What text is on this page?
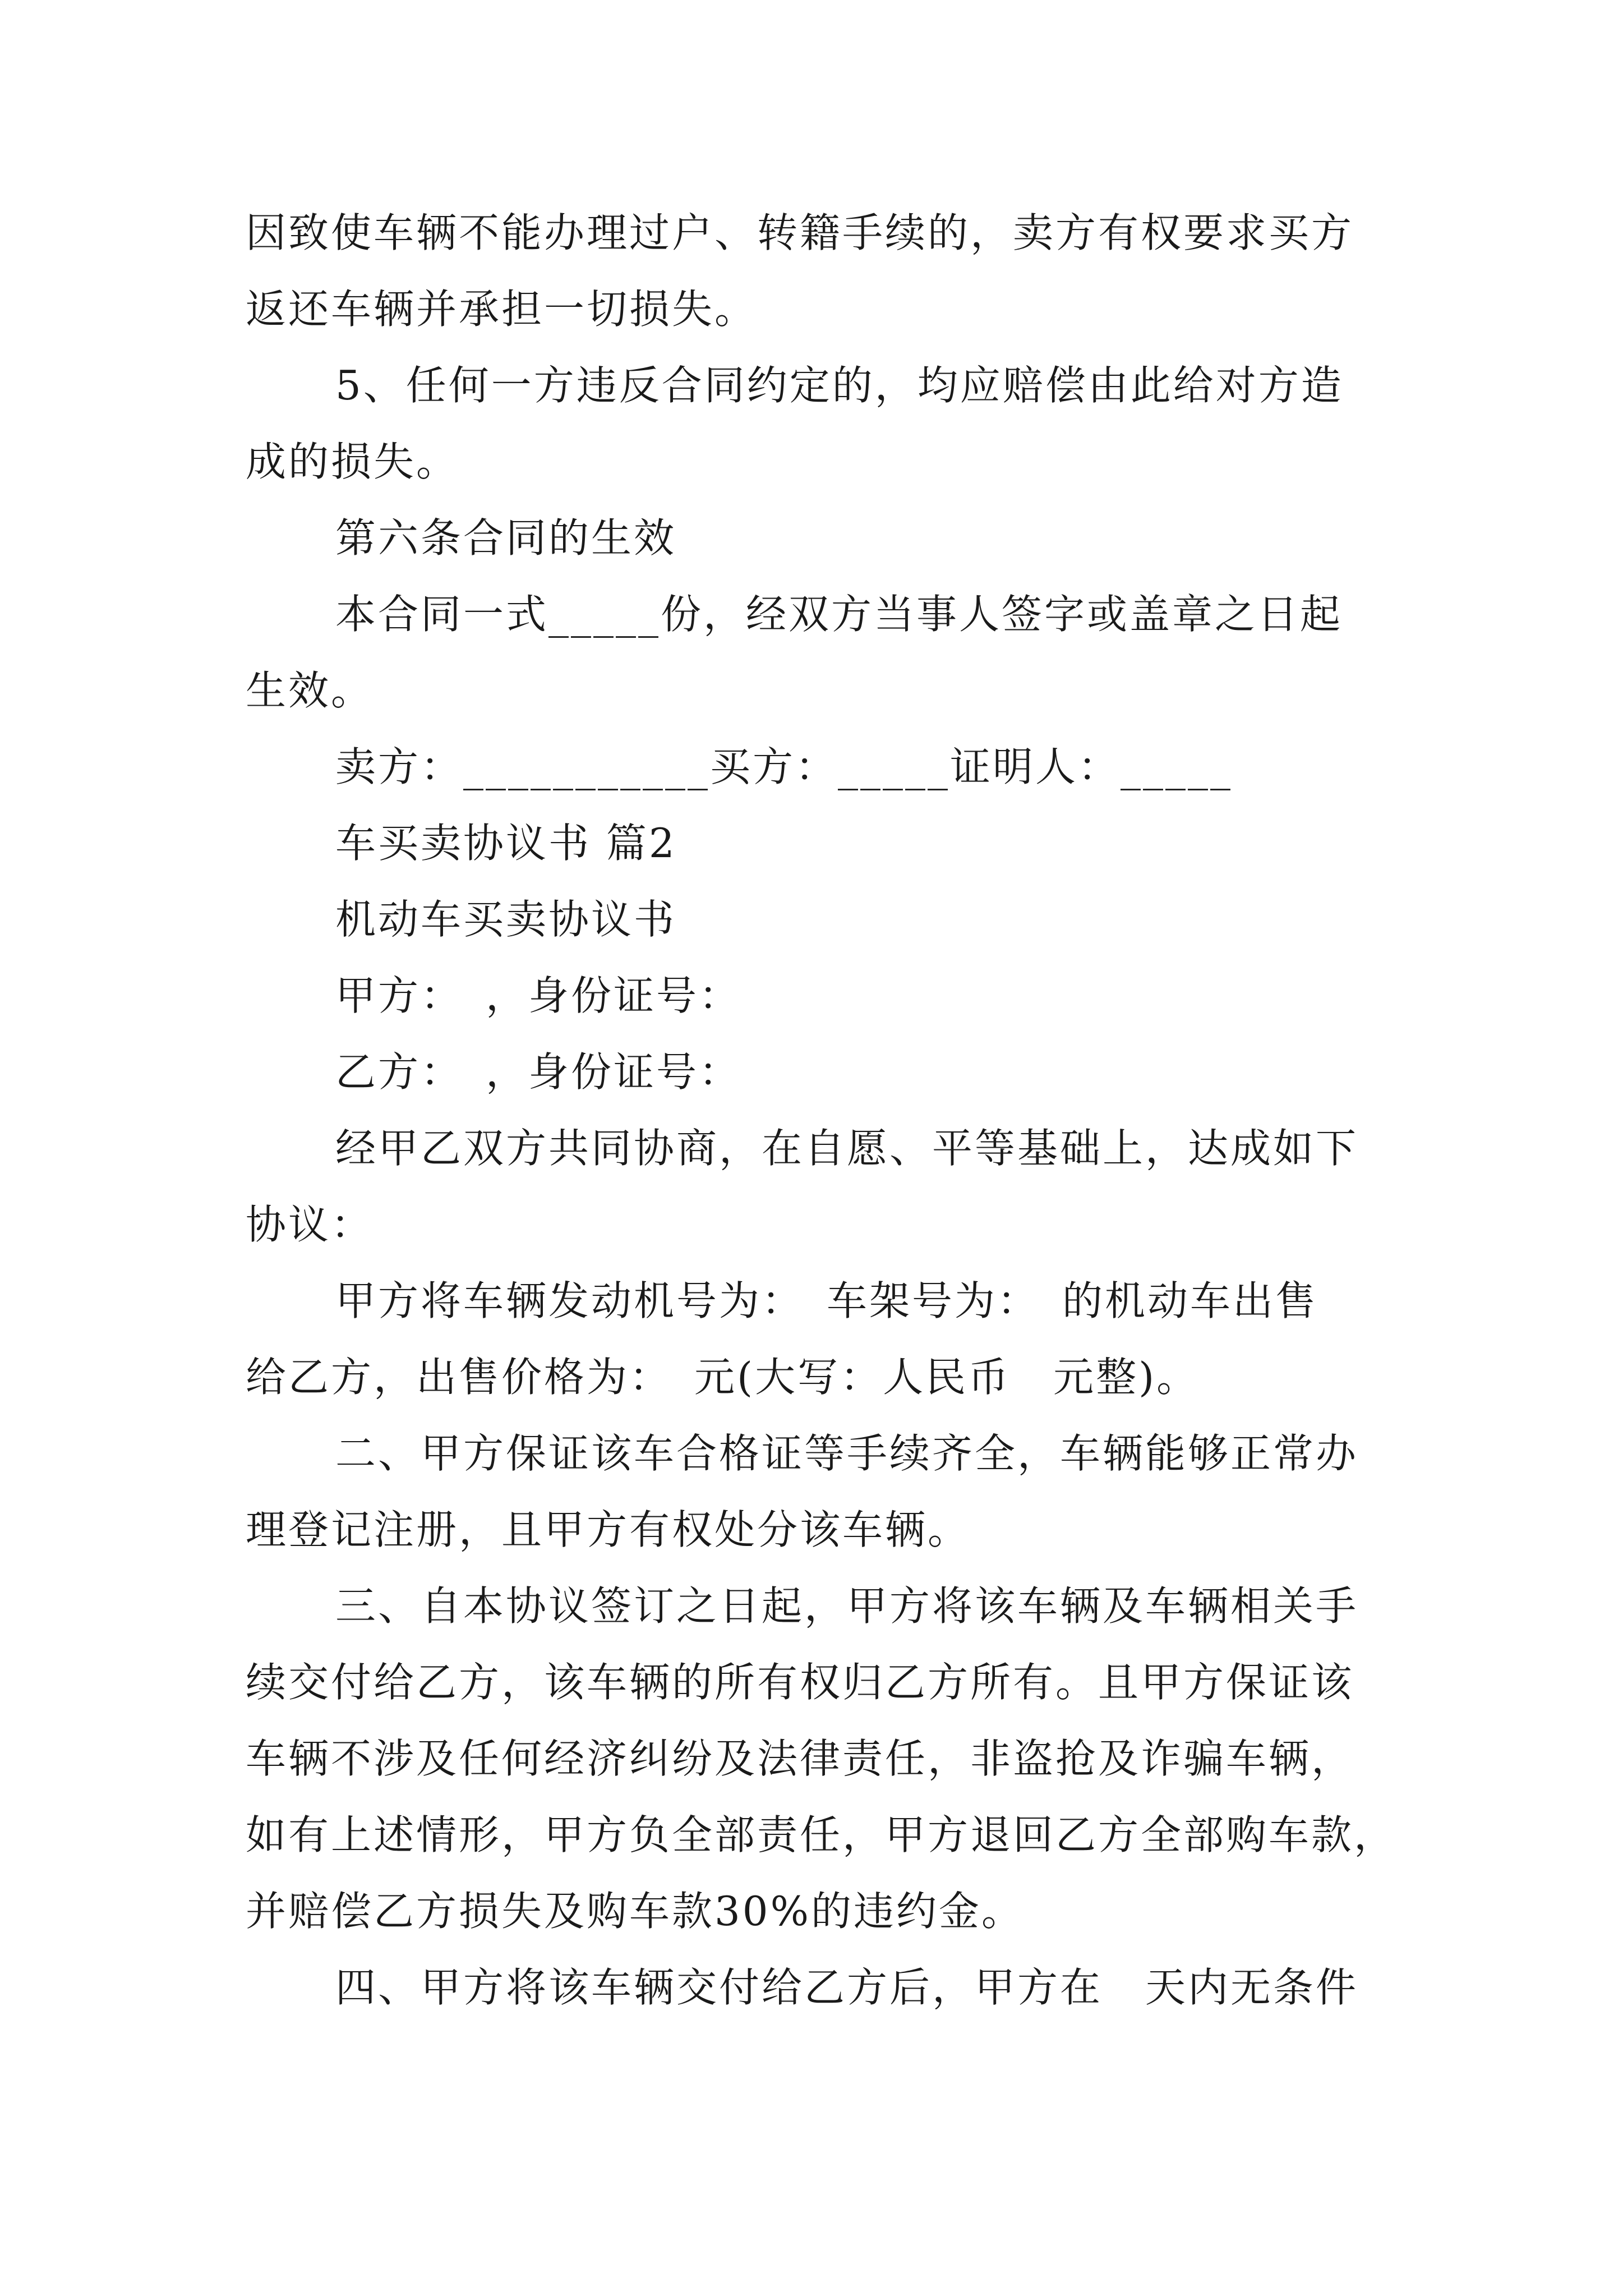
因致使车辆不能办理过户、转籍手续的，卖方有权要求买方
返还车辆并承担一切损失。
5、任何一方违反合同约定的，均应赔偿由此给对方造
成的损失。
第六条合同的生效
本合同一式_____份，经双方当事人签字或盖章之日起
生效。
卖方：___________买方：_____证明人：_____
车买卖协议书 篇2
机动车买卖协议书
甲方：　，身份证号：
乙方：　，身份证号：
经甲乙双方共同协商，在自愿、平等基础上，达成如下
协议：
甲方将车辆发动机号为：　车架号为：　的机动车出售
给乙方，出售价格为：　元(大写：人民币　元整)。
二、甲方保证该车合格证等手续齐全，车辆能够正常办
理登记注册，且甲方有权处分该车辆。
三、自本协议签订之日起，甲方将该车辆及车辆相关手
续交付给乙方，该车辆的所有权归乙方所有。且甲方保证该
车辆不涉及任何经济纠纷及法律责任，非盗抢及诈骗车辆，
如有上述情形，甲方负全部责任，甲方退回乙方全部购车款，
并赔偿乙方损失及购车款30%的违约金。
四、甲方将该车辆交付给乙方后，甲方在　天内无条件
